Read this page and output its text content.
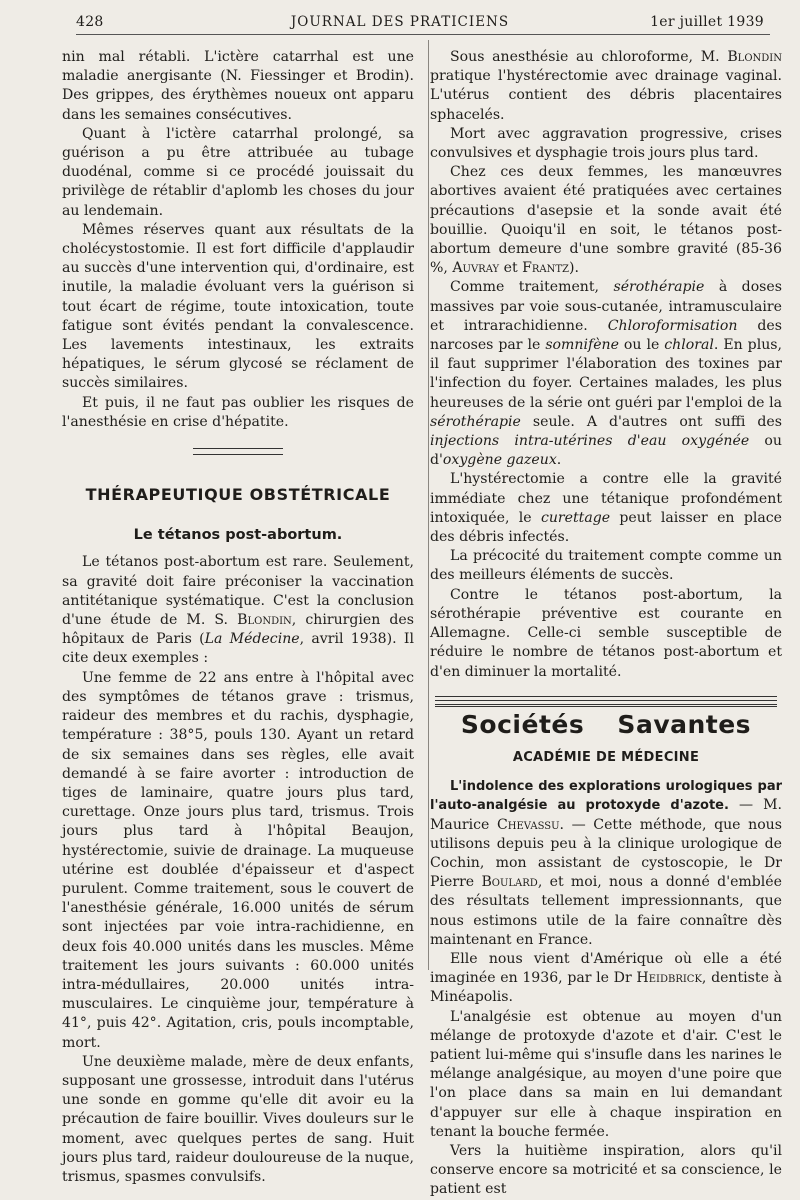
428	JOURNAL DES PRATICIENS	1er juillet 1939

nin mal rétabli. L'ictère catarrhal est une maladie anergisante (N. Fiessinger et Brodin). Des grippes, des érythèmes noueux ont apparu dans les semaines consécutives.

Quant à l'ictère catarrhal prolongé, sa guérison a pu être attribuée au tubage duodénal, comme si ce procédé jouissait du privilège de rétablir d'aplomb les choses du jour au lendemain.

Mêmes réserves quant aux résultats de la cholécystostomie. Il est fort difficile d'applaudir au succès d'une intervention qui, d'ordinaire, est inutile, la maladie évoluant vers la guérison si tout écart de régime, toute intoxication, toute fatigue sont évités pendant la convalescence. Les lavements intestinaux, les extraits hépatiques, le sérum glycosé se réclament de succès similaires.

Et puis, il ne faut pas oublier les risques de l'anesthésie en crise d'hépatite.

THÉRAPEUTIQUE OBSTÉTRICALE
Le tétanos post-abortum.

Le tétanos post-abortum est rare. Seulement, sa gravité doit faire préconiser la vaccination antitétanique systématique. C'est la conclusion d'une étude de M. S. Blondin, chirurgien des hôpitaux de Paris (La Médecine, avril 1938). Il cite deux exemples :

Une femme de 22 ans entre à l'hôpital avec des symptômes de tétanos grave : trismus, raideur des membres et du rachis, dysphagie, température : 38°5, pouls 130. Ayant un retard de six semaines dans ses règles, elle avait demandé à se faire avorter : introduction de tiges de laminaire, quatre jours plus tard, curettage. Onze jours plus tard, trismus. Trois jours plus tard à l'hôpital Beaujon, hystérectomie, suivie de drainage. La muqueuse utérine est doublée d'épaisseur et d'aspect purulent. Comme traitement, sous le couvert de l'anesthésie générale, 16.000 unités de sérum sont injectées par voie intra-rachidienne, en deux fois 40.000 unités dans les muscles. Même traitement les jours suivants : 60.000 unités intra-médullaires, 20.000 unités intra-musculaires. Le cinquième jour, température à 41°, puis 42°. Agitation, cris, pouls incomptable, mort.

Une deuxième malade, mère de deux enfants, supposant une grossesse, introduit dans l'utérus une sonde en gomme qu'elle dit avoir eu la précaution de faire bouillir. Vives douleurs sur le moment, avec quelques pertes de sang. Huit jours plus tard, raideur douloureuse de la nuque, trismus, spasmes convulsifs.

Sous anesthésie au chloroforme, M. Blondin pratique l'hystérectomie avec drainage vaginal. L'utérus contient des débris placentaires sphacelés.

Mort avec aggravation progressive, crises convulsives et dysphagie trois jours plus tard.

Chez ces deux femmes, les manœuvres abortives avaient été pratiquées avec certaines précautions d'asepsie et la sonde avait été bouillie. Quoiqu'il en soit, le tétanos post-abortum demeure d'une sombre gravité (85-36 %, Auvray et Frantz).

Comme traitement, sérothérapie à doses massives par voie sous-cutanée, intramusculaire et intrarachidienne. Chloroformisation des narcoses par le somnifène ou le chloral. En plus, il faut supprimer l'élaboration des toxines par l'infection du foyer. Certaines malades, les plus heureuses de la série ont guéri par l'emploi de la sérothérapie seule. A d'autres ont suffi des injections intra-utérines d'eau oxygénée ou d'oxygène gazeux.

L'hystérectomie a contre elle la gravité immédiate chez une tétanique profondément intoxiquée, le curettage peut laisser en place des débris infectés.

La précocité du traitement compte comme un des meilleurs éléments de succès.

Contre le tétanos post-abortum, la sérothérapie préventive est courante en Allemagne. Celle-ci semble susceptible de réduire le nombre de tétanos post-abortum et d'en diminuer la mortalité.

Sociétés Savantes
ACADÉMIE DE MÉDECINE

L'indolence des explorations urologiques par l'auto-analgésie au protoxyde d'azote. — M. Maurice Chevassu. — Cette méthode, que nous utilisons depuis peu à la clinique urologique de Cochin, mon assistant de cystoscopie, le Dr Pierre Boulard, et moi, nous a donné d'emblée des résultats tellement impressionnants, que nous estimons utile de la faire connaître dès maintenant en France.

Elle nous vient d'Amérique où elle a été imaginée en 1936, par le Dr Heidbrick, dentiste à Minéapolis.

L'analgésie est obtenue au moyen d'un mélange de protoxyde d'azote et d'air. C'est le patient lui-même qui s'insufle dans les narines le mélange analgésique, au moyen d'une poire que l'on place dans sa main en lui demandant d'appuyer sur elle à chaque inspiration en tenant la bouche fermée.

Vers la huitième inspiration, alors qu'il conserve encore sa motricité et sa conscience, le patient est
